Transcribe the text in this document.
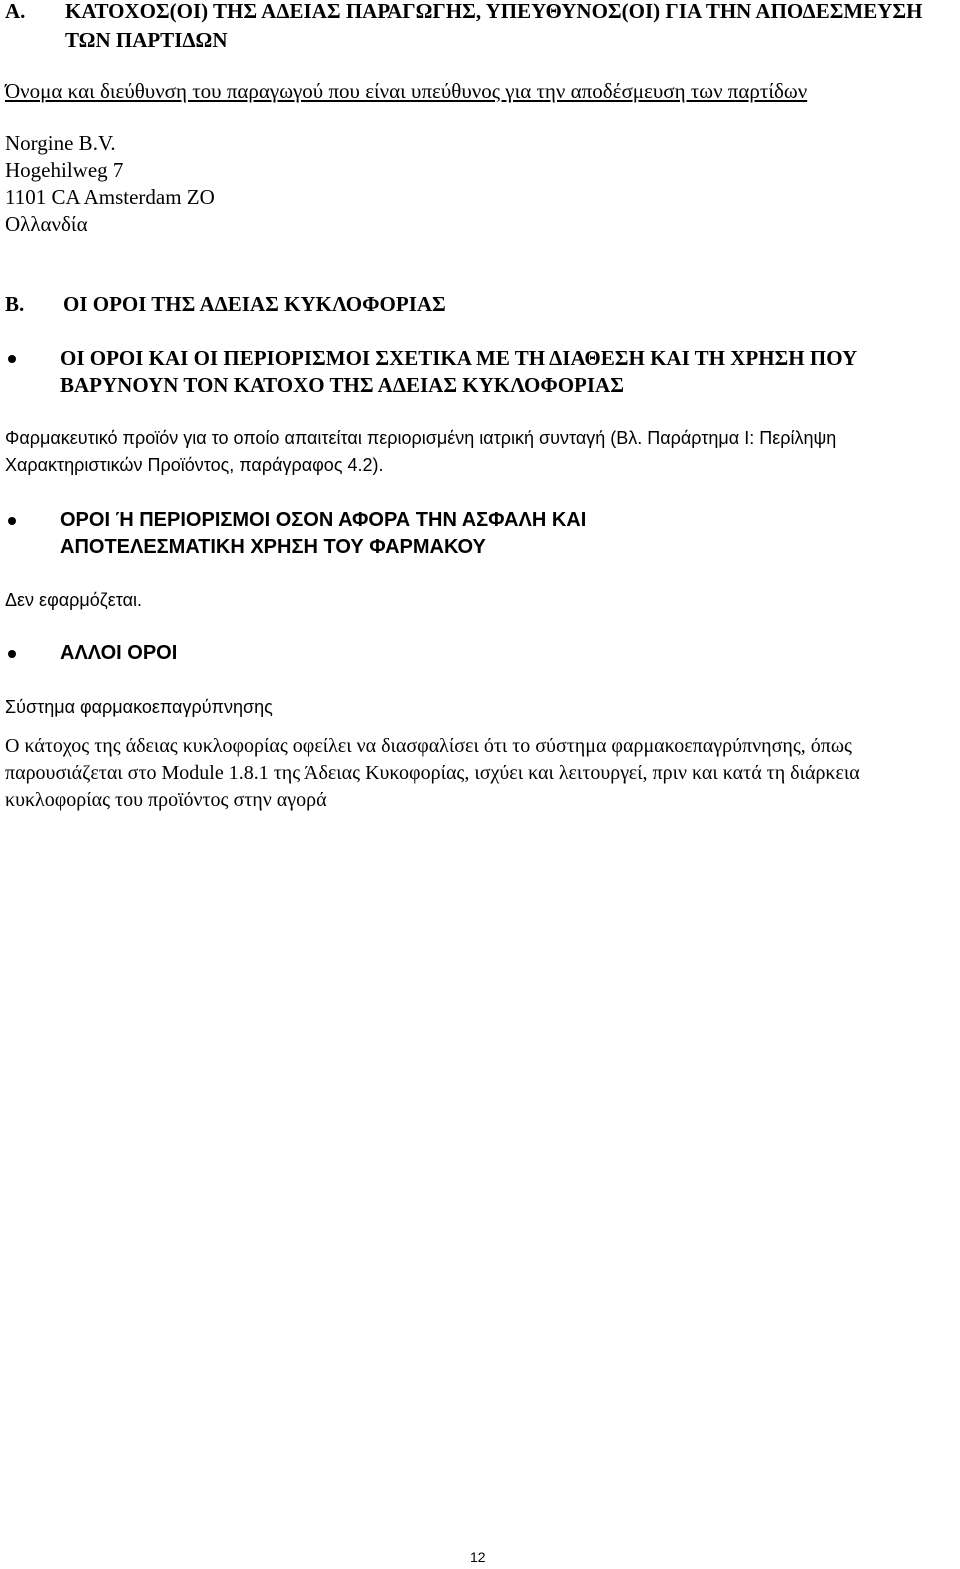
A. ΚΑΤΟΧΟΣ(ΟΙ) ΤΗΣ ΑΔΕΙΑΣ ΠΑΡΑΓΩΓΗΣ, ΥΠΕΥΘΥΝΟΣ(ΟΙ) ΓΙΑ ΤΗΝ ΑΠΟΔΕΣΜΕΥΣΗ ΤΩΝ ΠΑΡΤΙΔΩΝ
Όνομα και διεύθυνση του παραγωγού που είναι υπεύθυνος για την αποδέσμευση των παρτίδων
Norgine B.V.
Hogehilweg 7
1101 CA Amsterdam ZO
Ολλανδία
B. ΟΙ ΟΡΟΙ ΤΗΣ ΑΔΕΙΑΣ ΚΥΚΛΟΦΟΡΙΑΣ
ΟΙ ΟΡΟΙ ΚΑΙ ΟΙ ΠΕΡΙΟΡΙΣΜΟΙ ΣΧΕΤΙΚΑ ΜΕ ΤΗ ΔΙΑΘΕΣΗ ΚΑΙ ΤΗ ΧΡΗΣΗ ΠΟΥ ΒΑΡΥΝΟΥΝ ΤΟΝ ΚΑΤΟΧΟ ΤΗΣ ΑΔΕΙΑΣ ΚΥΚΛΟΦΟΡΙΑΣ
Φαρμακευτικό προϊόν για το οποίο απαιτείται περιορισμένη ιατρική συνταγή (Βλ. Παράρτημα Ι: Περίληψη Χαρακτηριστικών Προϊόντος, παράγραφος 4.2).
ΟΡΟΙ Ή ΠΕΡΙΟΡΙΣΜΟΙ ΟΣΟΝ ΑΦΟΡΑ ΤΗΝ ΑΣΦΑΛΗ ΚΑΙ ΑΠΟΤΕΛΕΣΜΑΤΙΚΗ ΧΡΗΣΗ ΤΟΥ ΦΑΡΜΑΚΟΥ
Δεν εφαρμόζεται.
ΑΛΛΟΙ ΟΡΟΙ
Σύστημα φαρμακοεπαγρύπνησης
Ο κάτοχος της άδειας κυκλοφορίας οφείλει να διασφαλίσει ότι το σύστημα φαρμακοεπαγρύπνησης, όπως παρουσιάζεται στο Module 1.8.1 της Άδειας Κυκοφορίας, ισχύει και λειτουργεί, πριν και κατά τη διάρκεια κυκλοφορίας του προϊόντος στην αγορά
12
